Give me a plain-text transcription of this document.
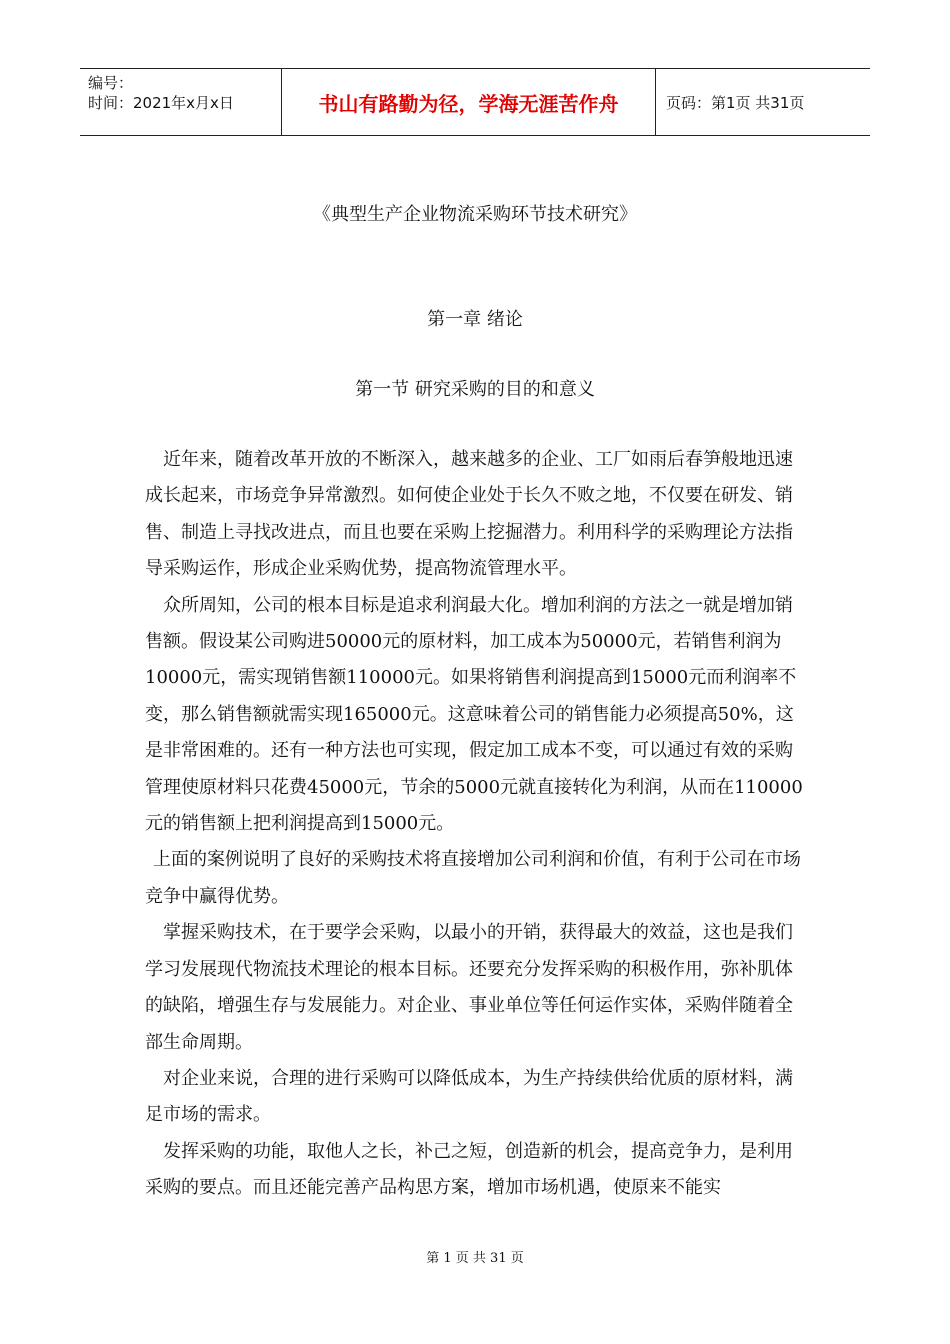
编号：
时间：2021年x月x日	书山有路勤为径，学海无涯苦作舟	页码：第1页 共31页
《典型生产企业物流采购环节技术研究》
第一章 绪论
第一节 研究采购的目的和意义

近年来，随着改革开放的不断深入，越来越多的企业、工厂如雨后春笋般地迅速成长起来，市场竞争异常激烈。如何使企业处于长久不败之地，不仅要在研发、销售、制造上寻找改进点，而且也要在采购上挖掘潜力。利用科学的采购理论方法指导采购运作，形成企业采购优势，提高物流管理水平。

众所周知，公司的根本目标是追求利润最大化。增加利润的方法之一就是增加销售额。假设某公司购进50000元的原材料，加工成本为50000元，若销售利润为10000元，需实现销售额110000元。如果将销售利润提高到15000元而利润率不变，那么销售额就需实现165000元。这意味着公司的销售能力必须提高50%，这是非常困难的。还有一种方法也可实现，假定加工成本不变，可以通过有效的采购管理使原材料只花费45000元，节余的5000元就直接转化为利润，从而在110000元的销售额上把利润提高到15000元。

上面的案例说明了良好的采购技术将直接增加公司利润和价值，有利于公司在市场竞争中赢得优势。

掌握采购技术，在于要学会采购，以最小的开销，获得最大的效益，这也是我们学习发展现代物流技术理论的根本目标。还要充分发挥采购的积极作用，弥补肌体的缺陷，增强生存与发展能力。对企业、事业单位等任何运作实体，采购伴随着全部生命周期。

对企业来说，合理的进行采购可以降低成本，为生产持续供给优质的原材料，满足市场的需求。

发挥采购的功能，取他人之长，补己之短，创造新的机会，提高竞争力，是利用采购的要点。而且还能完善产品构思方案，增加市场机遇，使原来不能实

第 1 页 共 31 页
